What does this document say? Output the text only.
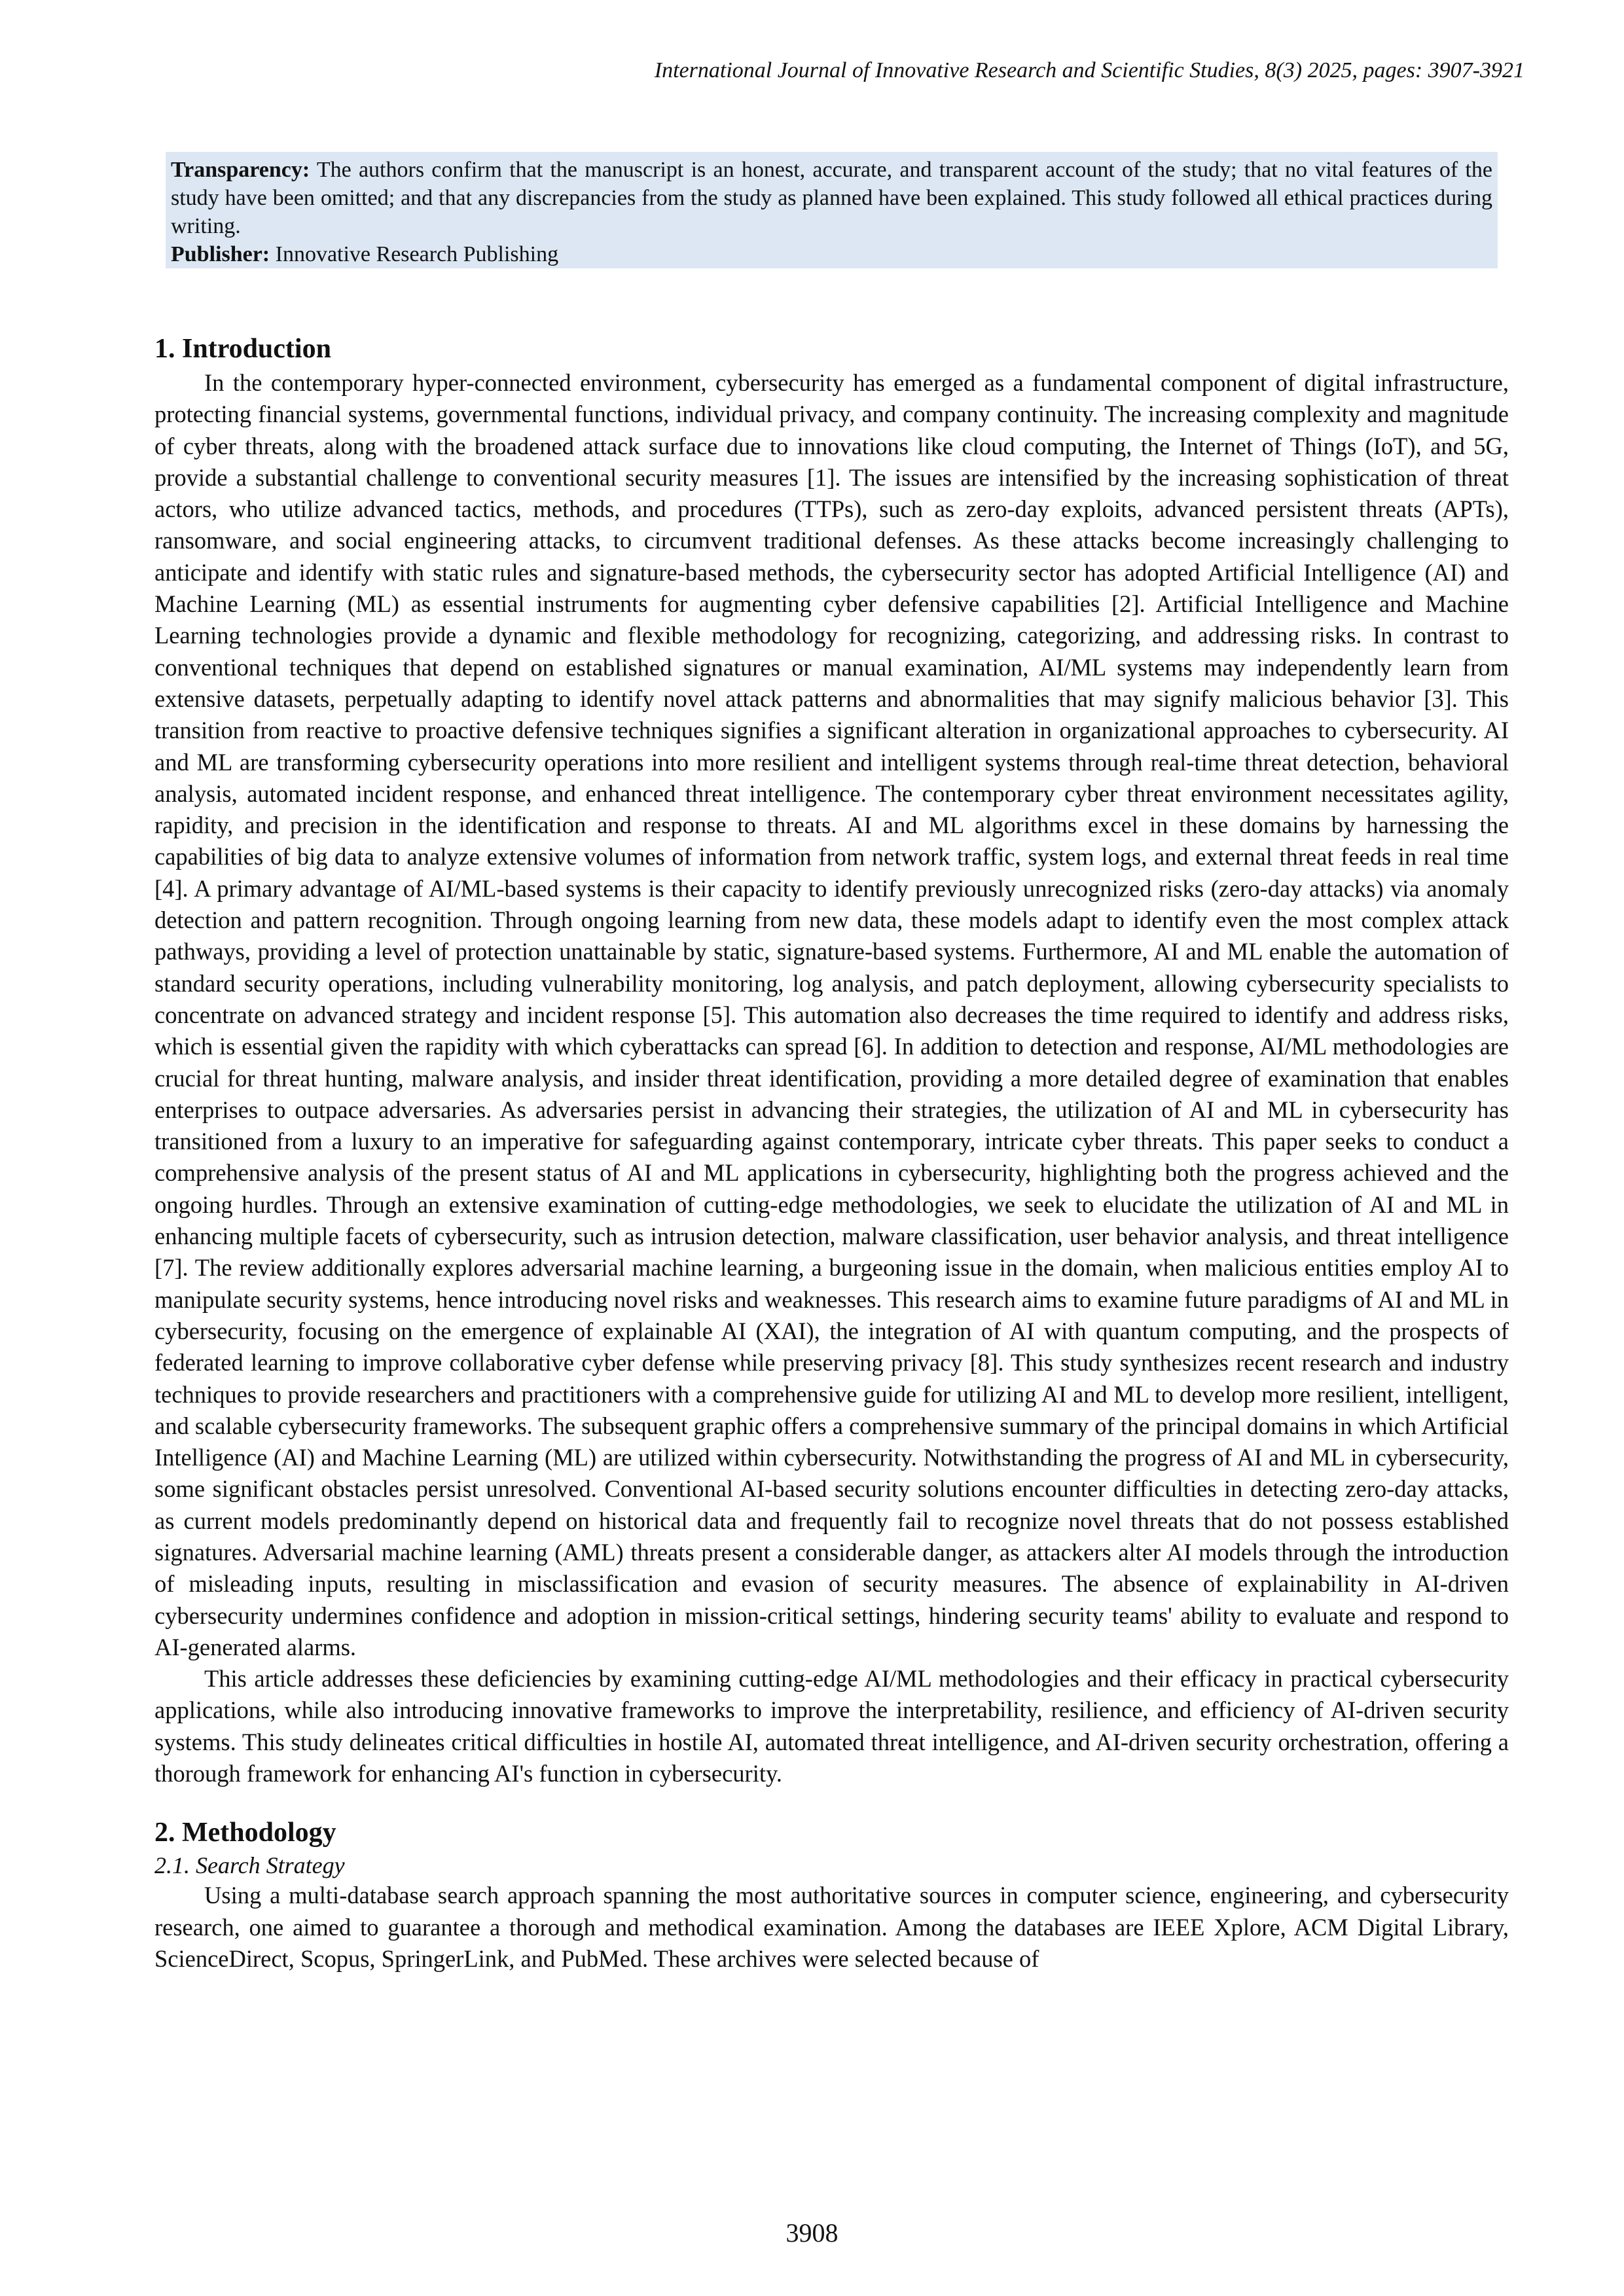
International Journal of Innovative Research and Scientific Studies, 8(3) 2025, pages: 3907-3921
Transparency: The authors confirm that the manuscript is an honest, accurate, and transparent account of the study; that no vital features of the study have been omitted; and that any discrepancies from the study as planned have been explained. This study followed all ethical practices during writing.
Publisher: Innovative Research Publishing
1. Introduction

In the contemporary hyper-connected environment, cybersecurity has emerged as a fundamental component of digital infrastructure, protecting financial systems, governmental functions, individual privacy, and company continuity. The increasing complexity and magnitude of cyber threats, along with the broadened attack surface due to innovations like cloud computing, the Internet of Things (IoT), and 5G, provide a substantial challenge to conventional security measures [1]. The issues are intensified by the increasing sophistication of threat actors, who utilize advanced tactics, methods, and procedures (TTPs), such as zero-day exploits, advanced persistent threats (APTs), ransomware, and social engineering attacks, to circumvent traditional defenses. As these attacks become increasingly challenging to anticipate and identify with static rules and signature-based methods, the cybersecurity sector has adopted Artificial Intelligence (AI) and Machine Learning (ML) as essential instruments for augmenting cyber defensive capabilities [2]. Artificial Intelligence and Machine Learning technologies provide a dynamic and flexible methodology for recognizing, categorizing, and addressing risks. In contrast to conventional techniques that depend on established signatures or manual examination, AI/ML systems may independently learn from extensive datasets, perpetually adapting to identify novel attack patterns and abnormalities that may signify malicious behavior [3]. This transition from reactive to proactive defensive techniques signifies a significant alteration in organizational approaches to cybersecurity. AI and ML are transforming cybersecurity operations into more resilient and intelligent systems through real-time threat detection, behavioral analysis, automated incident response, and enhanced threat intelligence. The contemporary cyber threat environment necessitates agility, rapidity, and precision in the identification and response to threats. AI and ML algorithms excel in these domains by harnessing the capabilities of big data to analyze extensive volumes of information from network traffic, system logs, and external threat feeds in real time [4]. A primary advantage of AI/ML-based systems is their capacity to identify previously unrecognized risks (zero-day attacks) via anomaly detection and pattern recognition. Through ongoing learning from new data, these models adapt to identify even the most complex attack pathways, providing a level of protection unattainable by static, signature-based systems. Furthermore, AI and ML enable the automation of standard security operations, including vulnerability monitoring, log analysis, and patch deployment, allowing cybersecurity specialists to concentrate on advanced strategy and incident response [5]. This automation also decreases the time required to identify and address risks, which is essential given the rapidity with which cyberattacks can spread [6]. In addition to detection and response, AI/ML methodologies are crucial for threat hunting, malware analysis, and insider threat identification, providing a more detailed degree of examination that enables enterprises to outpace adversaries. As adversaries persist in advancing their strategies, the utilization of AI and ML in cybersecurity has transitioned from a luxury to an imperative for safeguarding against contemporary, intricate cyber threats. This paper seeks to conduct a comprehensive analysis of the present status of AI and ML applications in cybersecurity, highlighting both the progress achieved and the ongoing hurdles. Through an extensive examination of cutting-edge methodologies, we seek to elucidate the utilization of AI and ML in enhancing multiple facets of cybersecurity, such as intrusion detection, malware classification, user behavior analysis, and threat intelligence [7]. The review additionally explores adversarial machine learning, a burgeoning issue in the domain, when malicious entities employ AI to manipulate security systems, hence introducing novel risks and weaknesses. This research aims to examine future paradigms of AI and ML in cybersecurity, focusing on the emergence of explainable AI (XAI), the integration of AI with quantum computing, and the prospects of federated learning to improve collaborative cyber defense while preserving privacy [8]. This study synthesizes recent research and industry techniques to provide researchers and practitioners with a comprehensive guide for utilizing AI and ML to develop more resilient, intelligent, and scalable cybersecurity frameworks. The subsequent graphic offers a comprehensive summary of the principal domains in which Artificial Intelligence (AI) and Machine Learning (ML) are utilized within cybersecurity. Notwithstanding the progress of AI and ML in cybersecurity, some significant obstacles persist unresolved. Conventional AI-based security solutions encounter difficulties in detecting zero-day attacks, as current models predominantly depend on historical data and frequently fail to recognize novel threats that do not possess established signatures. Adversarial machine learning (AML) threats present a considerable danger, as attackers alter AI models through the introduction of misleading inputs, resulting in misclassification and evasion of security measures. The absence of explainability in AI-driven cybersecurity undermines confidence and adoption in mission-critical settings, hindering security teams' ability to evaluate and respond to AI-generated alarms.

This article addresses these deficiencies by examining cutting-edge AI/ML methodologies and their efficacy in practical cybersecurity applications, while also introducing innovative frameworks to improve the interpretability, resilience, and efficiency of AI-driven security systems. This study delineates critical difficulties in hostile AI, automated threat intelligence, and AI-driven security orchestration, offering a thorough framework for enhancing AI's function in cybersecurity.

2. Methodology
2.1. Search Strategy

Using a multi-database search approach spanning the most authoritative sources in computer science, engineering, and cybersecurity research, one aimed to guarantee a thorough and methodical examination. Among the databases are IEEE Xplore, ACM Digital Library, ScienceDirect, Scopus, SpringerLink, and PubMed. These archives were selected because of

3908
